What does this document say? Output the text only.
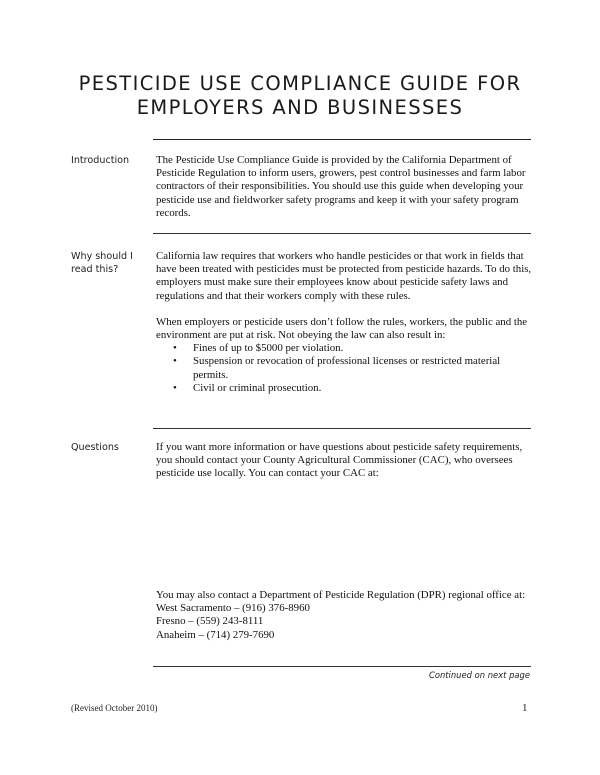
PESTICIDE USE COMPLIANCE GUIDE FOR
EMPLOYERS AND BUSINESSES
Introduction	The Pesticide Use Compliance Guide is provided by the California Department of Pesticide Regulation to inform users, growers, pest control businesses and farm labor contractors of their responsibilities. You should use this guide when developing your pesticide use and fieldworker safety programs and keep it with your safety program records.

Why should I read this?

California law requires that workers who handle pesticides or that work in fields that have been treated with pesticides must be protected from pesticide hazards. To do this, employers must make sure their employees know about pesticide safety laws and regulations and that their workers comply with these rules.

When employers or pesticide users don’t follow the rules, workers, the public and the environment are put at risk. Not obeying the law can also result in:

• Fines of up to $5000 per violation.
• Suspension or revocation of professional licenses or restricted material permits.
• Civil or criminal prosecution.
Questions	If you want more information or have questions about pesticide safety requirements, you should contact your County Agricultural Commissioner (CAC), who oversees pesticide use locally. You can contact your CAC at:

You may also contact a Department of Pesticide Regulation (DPR) regional office at:

West Sacramento – (916) 376-8960

Fresno – (559) 243-8111

Anaheim – (714) 279-7690

Continued on next page
(Revised October 2010)	1
